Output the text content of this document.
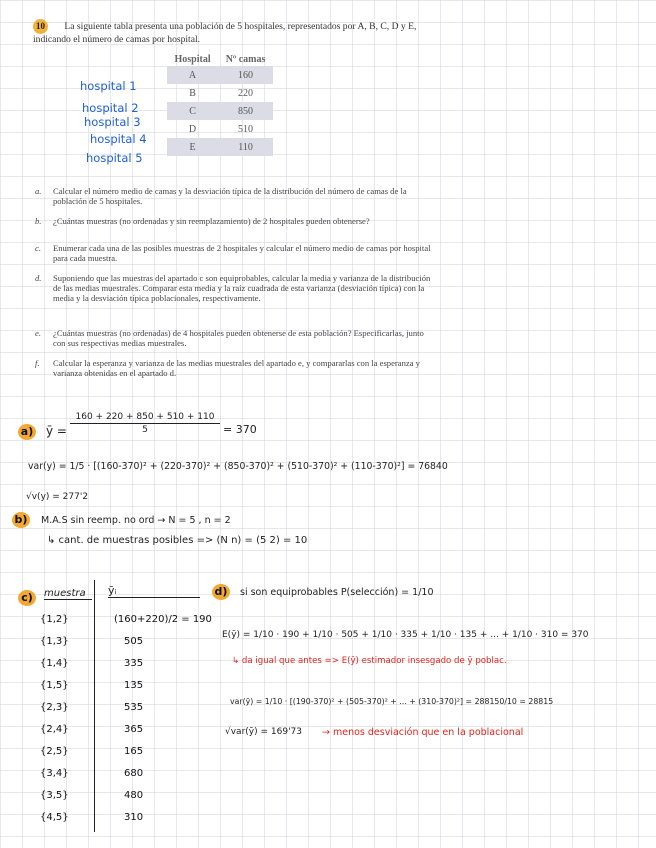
10 La siguiente tabla presenta una población de 5 hospitales, representados por A, B, C, D y E, indicando el número de camas por hospital.
hospital 1
hospital 2
hospital 3
hospital 4
hospital 5
Hospital	Nº camas
A	160
B	220
C	850
D	510
E	110
a.	Calcular el número medio de camas y la desviación típica de la distribución del número de camas de la población de 5 hospitales.
b.	¿Cuántas muestras (no ordenadas y sin reemplazamiento) de 2 hospitales pueden obtenerse?
c.	Enumerar cada una de las posibles muestras de 2 hospitales y calcular el número medio de camas por hospital para cada muestra.
d.	Suponiendo que las muestras del apartado c son equiprobables, calcular la media y varianza de la distribución de las medias muestrales. Comparar esta media y la raíz cuadrada de esta varianza (desviación típica) con la media y la desviación típica poblacionales, respectivamente.
e.	¿Cuántas muestras (no ordenadas) de 4 hospitales pueden obtenerse de esta población? Especificarlas, junto con sus respectivas medias muestrales.
f.	Calcular la esperanza y varianza de las medias muestrales del apartado e, y compararlas con la esperanza y varianza obtenidas en el apartado d.
a) ȳ = $\frac{160 + 220 + 850 + 510 + 110}{5} = 370$
var(y) = 1/5 · [(160-370)² + (220-370)² + (850-370)² + (510-370)² + (110-370)²] = 76840
√v(y) = 277'2
b) M.A.S sin reemp. no ord → N = 5 , n = 2
↳ cant. de muestras posibles => (N n) = (5 2) = 10
c)	muestra	ȳᵢ
{1,2}	(160+220)/2 = 190
{1,3}	505
{1,4}	335
{1,5}	135
{2,3}	535
{2,4}	365
{2,5}	165
{3,4}	680
{3,5}	480
{4,5}	310
d) si son equiprobables P(selección) = 1/10
E(ȳ) = 1/10 · 190 + 1/10 · 505 + 1/10 · 335 + 1/10 · 135 + ... + 1/10 · 310 = 370
↳ da igual que antes => E(ȳ) estimador insesgado de ȳ poblac.
var(ȳ) = 1/10 · [(190-370)² + (505-370)² + ... + (310-370)²] = 288150/10 = 28815
√var(ȳ) = 169'73 → menos desviación que en la poblacional
